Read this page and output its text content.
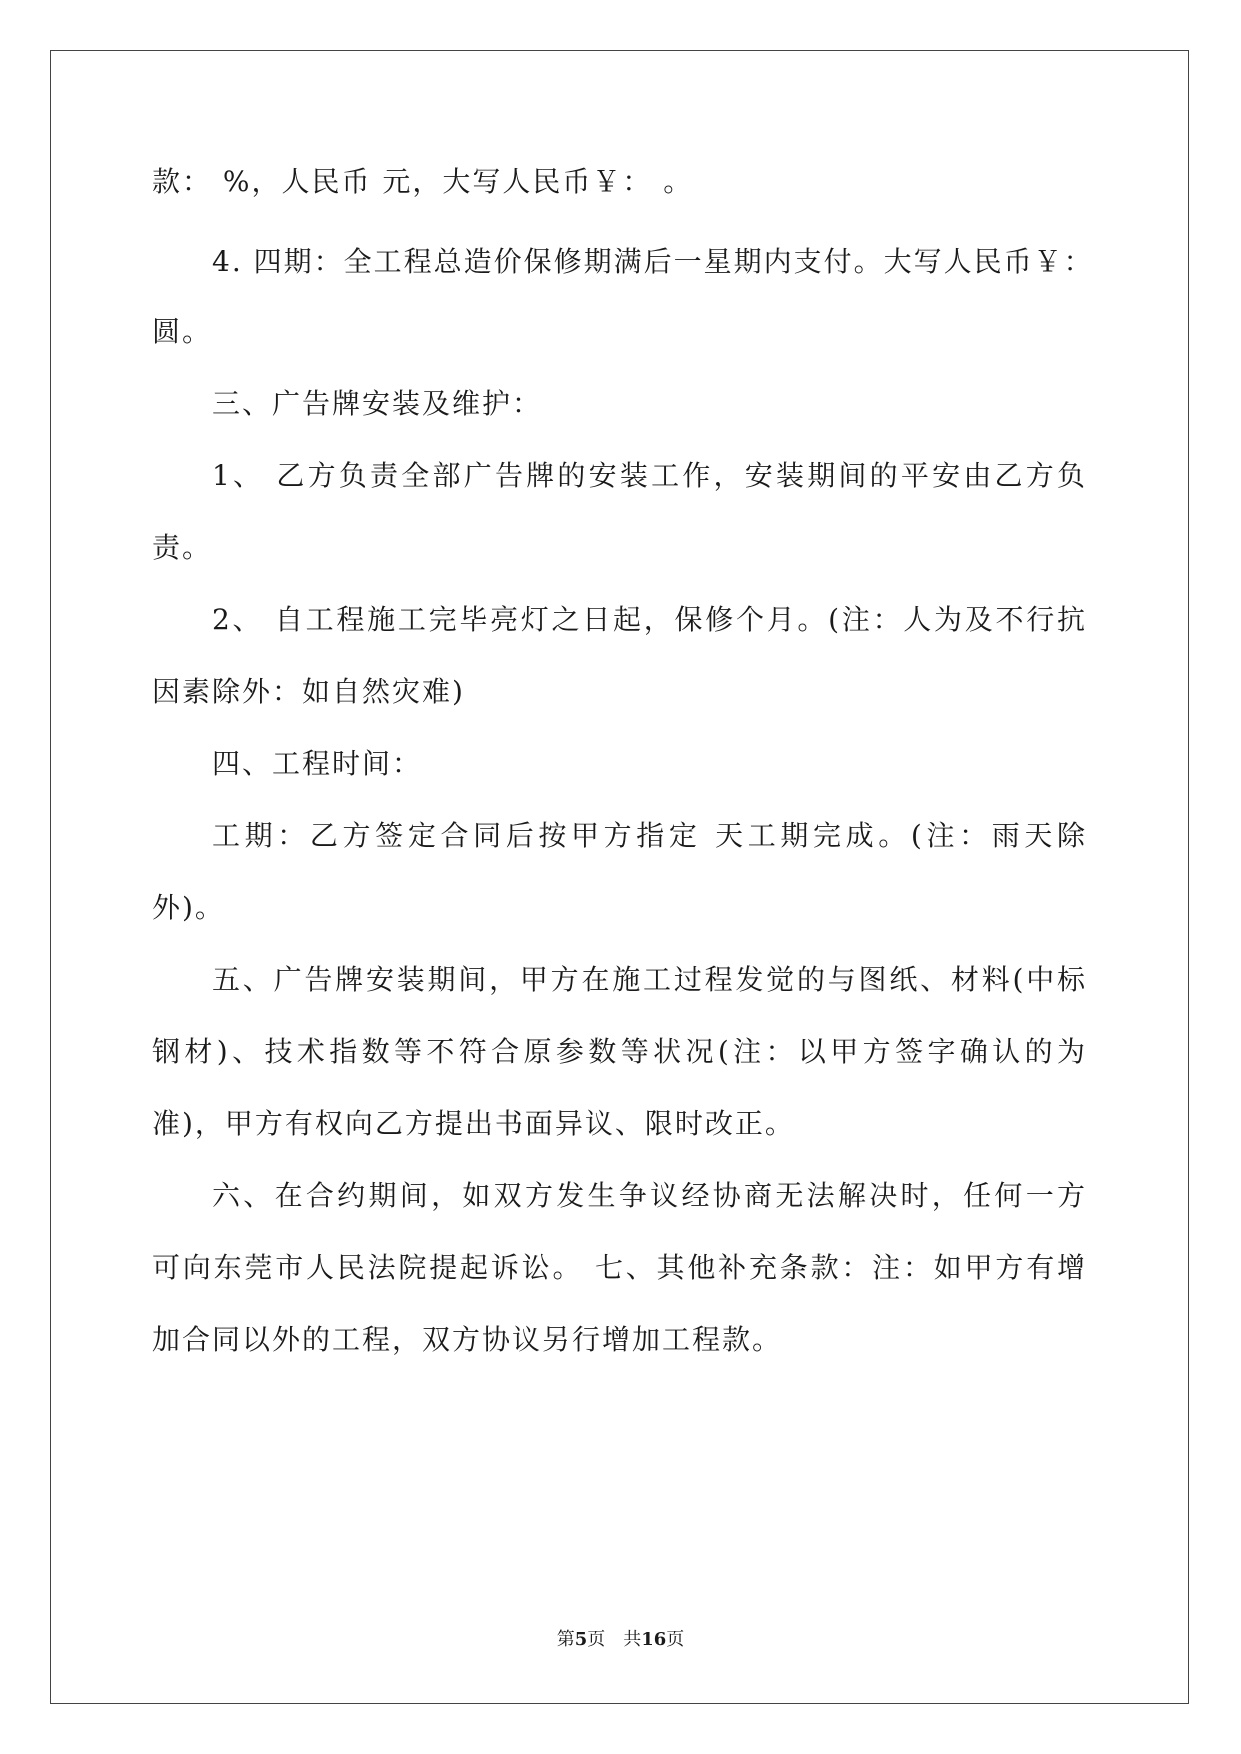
款： %，人民币 元，大写人民币￥： 。
4. 四期：全工程总造价保修期满后一星期内支付。大写人民币￥：
圆。
三、广告牌安装及维护：
1、 乙方负责全部广告牌的安装工作，安装期间的平安由乙方负
责。
2、 自工程施工完毕亮灯之日起，保修个月。(注：人为及不行抗
因素除外：如自然灾难)
四、工程时间：
工期：乙方签定合同后按甲方指定 天工期完成。(注：雨天除
外)。
五、广告牌安装期间，甲方在施工过程发觉的与图纸、材料(中标
钢材)、技术指数等不符合原参数等状况(注：以甲方签字确认的为
准)，甲方有权向乙方提出书面异议、限时改正。
六、在合约期间，如双方发生争议经协商无法解决时，任何一方
可向东莞市人民法院提起诉讼。 七、其他补充条款：注：如甲方有增
加合同以外的工程，双方协议另行增加工程款。
第5页  共16页
